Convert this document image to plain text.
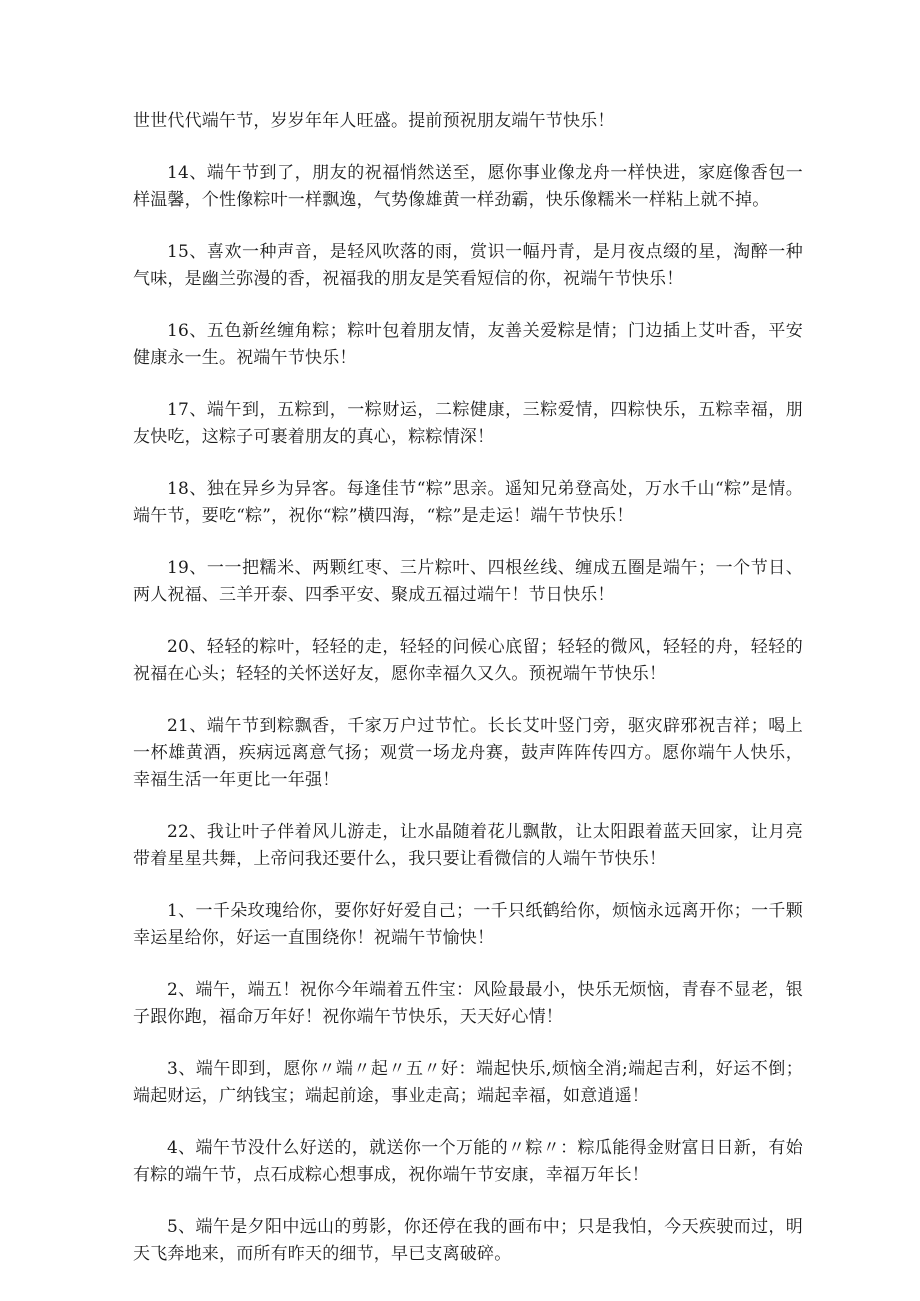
世世代代端午节，岁岁年年人旺盛。提前预祝朋友端午节快乐！

14、端午节到了，朋友的祝福悄然送至，愿你事业像龙舟一样快进，家庭像香包一样温馨，个性像粽叶一样飘逸，气势像雄黄一样劲霸，快乐像糯米一样粘上就不掉。

15、喜欢一种声音，是轻风吹落的雨，赏识一幅丹青，是月夜点缀的星，淘醉一种气味，是幽兰弥漫的香，祝福我的朋友是笑看短信的你，祝端午节快乐！

16、五色新丝缠角粽；粽叶包着朋友情，友善关爱粽是情；门边插上艾叶香，平安健康永一生。祝端午节快乐！

17、端午到，五粽到，一粽财运，二粽健康，三粽爱情，四粽快乐，五粽幸福，朋友快吃，这粽子可裹着朋友的真心，粽粽情深！

18、独在异乡为异客。每逢佳节“粽”思亲。遥知兄弟登高处，万水千山“粽”是情。端午节，要吃“粽”，祝你“粽”横四海，“粽”是走运！端午节快乐！

19、一一把糯米、两颗红枣、三片粽叶、四根丝线、缠成五圈是端午；一个节日、两人祝福、三羊开泰、四季平安、聚成五福过端午！节日快乐！

20、轻轻的粽叶，轻轻的走，轻轻的问候心底留；轻轻的微风，轻轻的舟，轻轻的祝福在心头；轻轻的关怀送好友，愿你幸福久又久。预祝端午节快乐！

21、端午节到粽飘香，千家万户过节忙。长长艾叶竖门旁，驱灾辟邪祝吉祥；喝上一杯雄黄酒，疾病远离意气扬；观赏一场龙舟赛，鼓声阵阵传四方。愿你端午人快乐，幸福生活一年更比一年强！

22、我让叶子伴着风儿游走，让水晶随着花儿飘散，让太阳跟着蓝天回家，让月亮带着星星共舞，上帝问我还要什么，我只要让看微信的人端午节快乐！

1、一千朵玫瑰给你，要你好好爱自己；一千只纸鹤给你，烦恼永远离开你；一千颗幸运星给你，好运一直围绕你！祝端午节愉快！

2、端午，端五！祝你今年端着五件宝：风险最最小，快乐无烦恼，青春不显老，银子跟你跑，福命万年好！祝你端午节快乐，天天好心情！

3、端午即到，愿你〃端〃起〃五〃好：端起快乐,烦恼全消;端起吉利，好运不倒；端起财运，广纳钱宝；端起前途，事业走高；端起幸福，如意逍遥！

4、端午节没什么好送的，就送你一个万能的〃粽〃：粽瓜能得金财富日日新，有始有粽的端午节，点石成粽心想事成，祝你端午节安康，幸福万年长！

5、端午是夕阳中远山的剪影，你还停在我的画布中；只是我怕，今天疾驶而过，明天飞奔地来，而所有昨天的细节，早已支离破碎。
